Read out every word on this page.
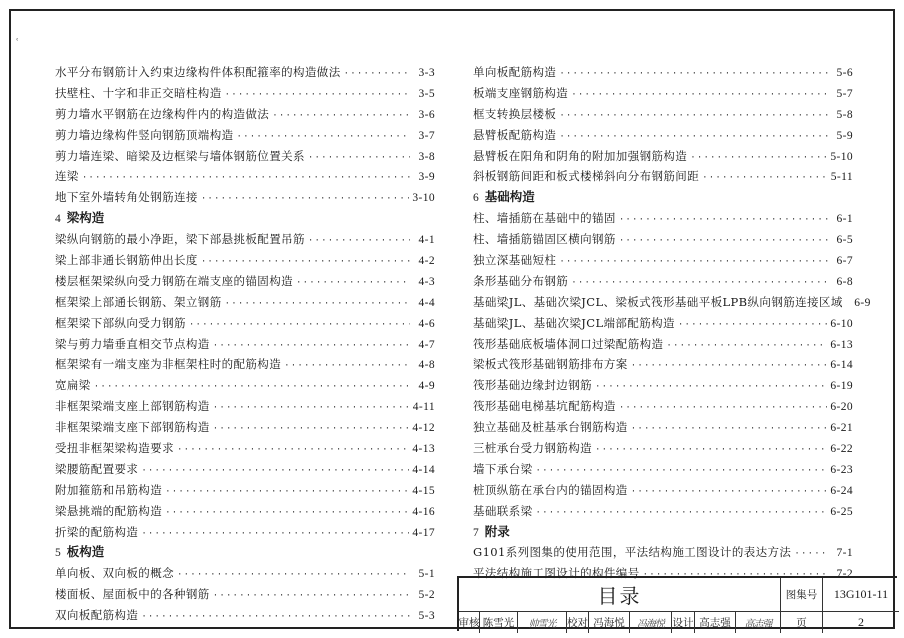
ʿ
水平分布钢筋计入约束边缘构件体积配箍率的构造做法 ·····	3-3
扶壁柱、十字和非正交暗柱构造 ·····	3-5
剪力墙水平钢筋在边缘构件内的构造做法 ·····	3-6
剪力墙边缘构件竖向钢筋顶端构造 ·····	3-7
剪力墙连梁、暗梁及边框梁与墙体钢筋位置关系 ·····	3-8
连梁 ·····	3-9
地下室外墙转角处钢筋连接 ·····	3-10
4 梁构造
梁纵向钢筋的最小净距，梁下部悬挑板配置吊筋 ·····	4-1
梁上部非通长钢筋伸出长度 ·····	4-2
楼层框架梁纵向受力钢筋在端支座的锚固构造 ·····	4-3
框架梁上部通长钢筋、架立钢筋 ·····	4-4
框架梁下部纵向受力钢筋 ·····	4-6
梁与剪力墙垂直相交节点构造 ·····	4-7
框架梁有一端支座为非框架柱时的配筋构造 ·····	4-8
宽扁梁 ·····	4-9
非框架梁端支座上部钢筋构造 ·····	4-11
非框架梁端支座下部钢筋构造 ·····	4-12
受扭非框架梁构造要求 ·····	4-13
梁腰筋配置要求 ·····	4-14
附加箍筋和吊筋构造 ·····	4-15
梁悬挑端的配筋构造 ·····	4-16
折梁的配筋构造 ·····	4-17
5 板构造
单向板、双向板的概念 ·····	5-1
楼面板、屋面板中的各种钢筋 ·····	5-2
双向板配筋构造 ·····	5-3
单向板配筋构造 ·····	5-6
板端支座钢筋构造 ·····	5-7
框支转换层楼板 ·····	5-8
悬臂板配筋构造 ·····	5-9
悬臂板在阳角和阴角的附加加强钢筋构造 ·····	5-10
斜板钢筋间距和板式楼梯斜向分布钢筋间距 ·····	5-11
6 基础构造
柱、墙插筋在基础中的锚固 ·····	6-1
柱、墙插筋锚固区横向钢筋 ·····	6-5
独立深基础短柱 ·····	6-7
条形基础分布钢筋 ·····	6-8
基础梁JL、基础次梁JCL、梁板式筏形基础平板LPB纵向钢筋连接区域 6-9
基础梁JL、基础次梁JCL端部配筋构造 ·····	6-10
筏形基础底板墙体洞口过梁配筋构造 ·····	6-13
梁板式筏形基础钢筋排布方案 ·····	6-14
筏形基础边缘封边钢筋 ·····	6-19
筏形基础电梯基坑配筋构造 ·····	6-20
独立基础及桩基承台钢筋构造 ·····	6-21
三桩承台受力钢筋构造 ·····	6-22
墙下承台梁 ·····	6-23
桩顶纵筋在承台内的锚固构造 ·····	6-24
基础联系梁 ·····	6-25
7 附录
G101系列图集的使用范围，平法结构施工图设计的表达方法 ·····	7-1
平法结构施工图设计的构件编号 ·····	7-2
目录	图集号	13G101-11
审核 陈雪光	帅雪光	校对 冯海悦	冯海悦 设计 高志强	高志强	页	2
